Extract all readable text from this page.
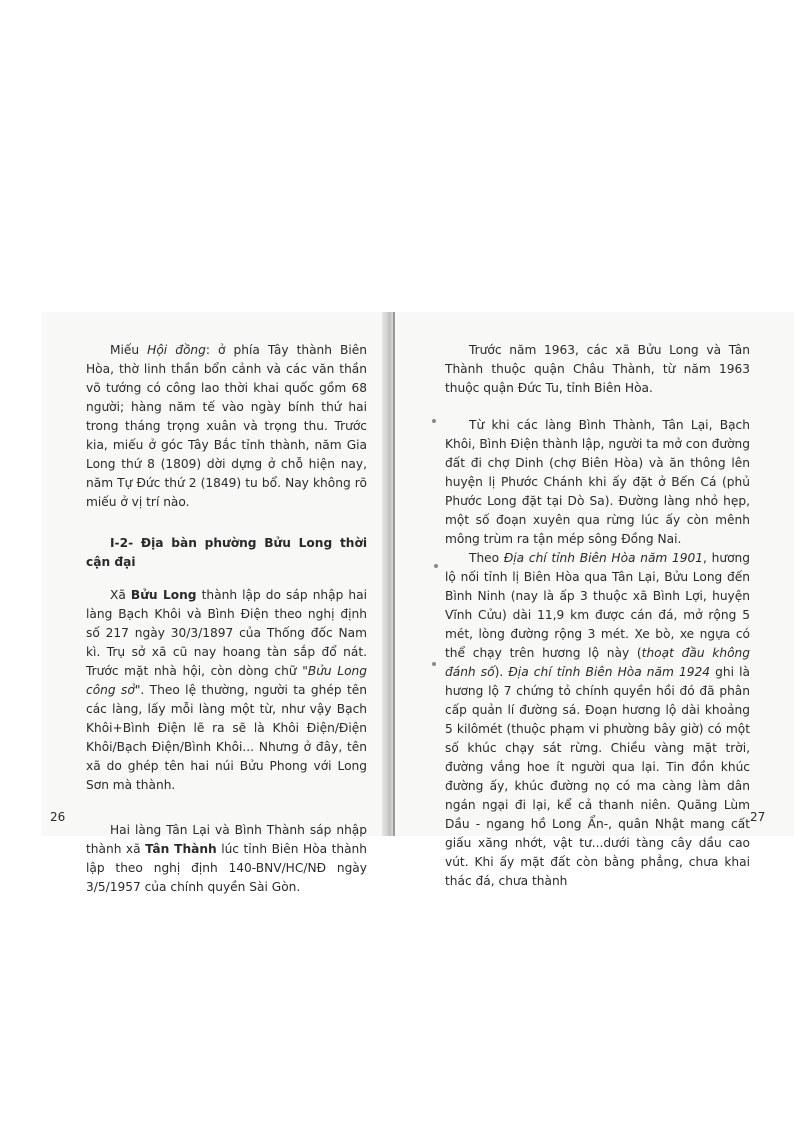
Miếu Hội đồng: ở phía Tây thành Biên Hòa, thờ linh thần bổn cảnh và các văn thần võ tướng có công lao thời khai quốc gồm 68 người; hàng năm tế vào ngày bính thứ hai trong tháng trọng xuân và trọng thu. Trước kia, miếu ở góc Tây Bắc tỉnh thành, năm Gia Long thứ 8 (1809) dời dựng ở chỗ hiện nay, năm Tự Đức thứ 2 (1849) tu bổ. Nay không rõ miếu ở vị trí nào.

I-2- Địa bàn phường Bửu Long thời cận đại

Xã Bửu Long thành lập do sáp nhập hai làng Bạch Khôi và Bình Điện theo nghị định số 217 ngày 30/3/1897 của Thống đốc Nam kì. Trụ sở xã cũ nay hoang tàn sắp đổ nát. Trước mặt nhà hội, còn dòng chữ "Bửu Long công sở". Theo lệ thường, người ta ghép tên các làng, lấy mỗi làng một từ, như vậy Bạch Khôi+Bình Điện lẽ ra sẽ là Khôi Điện/Điện Khôi/Bạch Điện/Bình Khôi... Nhưng ở đây, tên xã do ghép tên hai núi Bửu Phong với Long Sơn mà thành.

Hai làng Tân Lại và Bình Thành sáp nhập thành xã Tân Thành lúc tỉnh Biên Hòa thành lập theo nghị định 140-BNV/HC/NĐ ngày 3/5/1957 của chính quyền Sài Gòn.

Trước năm 1963, các xã Bửu Long và Tân Thành thuộc quận Châu Thành, từ năm 1963 thuộc quận Đức Tu, tỉnh Biên Hòa.

Từ khi các làng Bình Thành, Tân Lại, Bạch Khôi, Bình Điện thành lập, người ta mở con đường đất đi chợ Dinh (chợ Biên Hòa) và ăn thông lên huyện lị Phước Chánh khi ấy đặt ở Bến Cá (phủ Phước Long đặt tại Dò Sa). Đường làng nhỏ hẹp, một số đoạn xuyên qua rừng lúc ấy còn mênh mông trùm ra tận mép sông Đồng Nai.

Theo Địa chí tỉnh Biên Hòa năm 1901, hương lộ nối tỉnh lị Biên Hòa qua Tân Lại, Bửu Long đến Bình Ninh (nay là ấp 3 thuộc xã Bình Lợi, huyện Vĩnh Cửu) dài 11,9 km được cán đá, mở rộng 5 mét, lòng đường rộng 3 mét. Xe bò, xe ngựa có thể chạy trên hương lộ này (thoạt đầu không đánh số). Địa chí tỉnh Biên Hòa năm 1924 ghi là hương lộ 7 chứng tỏ chính quyền hồi đó đã phân cấp quản lí đường sá. Đoạn hương lộ dài khoảng 5 kilômét (thuộc phạm vi phường bây giờ) có một số khúc chạy sát rừng. Chiều vàng mặt trời, đường vắng hoe ít người qua lại. Tin đồn khúc đường ấy, khúc đường nọ có ma càng làm dân ngán ngại đi lại, kể cả thanh niên. Quãng Lùm Dầu - ngang hồ Long Ẩn-, quân Nhật mang cất giấu xăng nhớt, vật tư...dưới tàng cây dầu cao vút. Khi ấy mặt đất còn bằng phẳng, chưa khai thác đá, chưa thành

26	27
